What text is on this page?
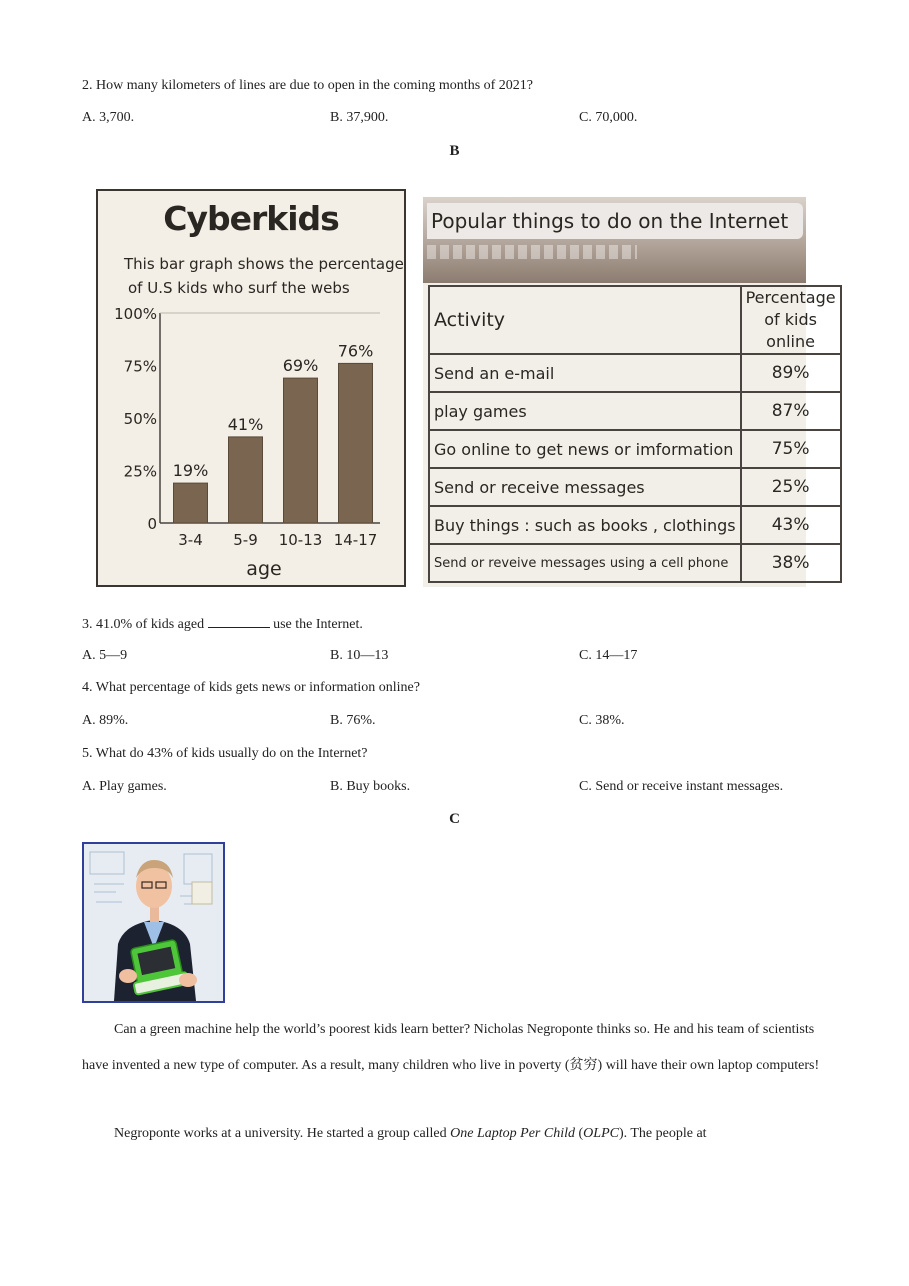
2. How many kilometers of lines are due to open in the coming months of 2021?
A. 3,700.	B. 37,900.	C. 70,000.
B
Cyberkids
This bar graph shows the percentage
of U.S kids who surf the webs
0
25%
50%
75%
100%
19%
3-4
41%
5-9
69%
10-13
76%
14-17
age
Popular things to do on the Internet
Activity	Percentage
of kids online
Send an e-mail	89%
play games	87%
Go online to get news or imformation	75%
Send or receive messages	25%
Buy things : such as books , clothings	43%
Send or reveive messages using a cell phone	38%
3. 41.0% of kids aged	use the Internet.
A. 5—9	B. 10—13	C. 14—17
4. What percentage of kids gets news or information online?
A. 89%.	B. 76%.	C. 38%.
5. What do 43% of kids usually do on the Internet?
A. Play games.	B. Buy books.	C. Send or receive instant messages.
C
Can a green machine help the world’s poorest kids learn better? Nicholas Negroponte thinks so. He and his team of scientists have invented a new type of computer. As a result, many children who live in poverty (贫穷) will have their own laptop computers!
Negroponte works at a university. He started a group called One Laptop Per Child (OLPC). The people at
